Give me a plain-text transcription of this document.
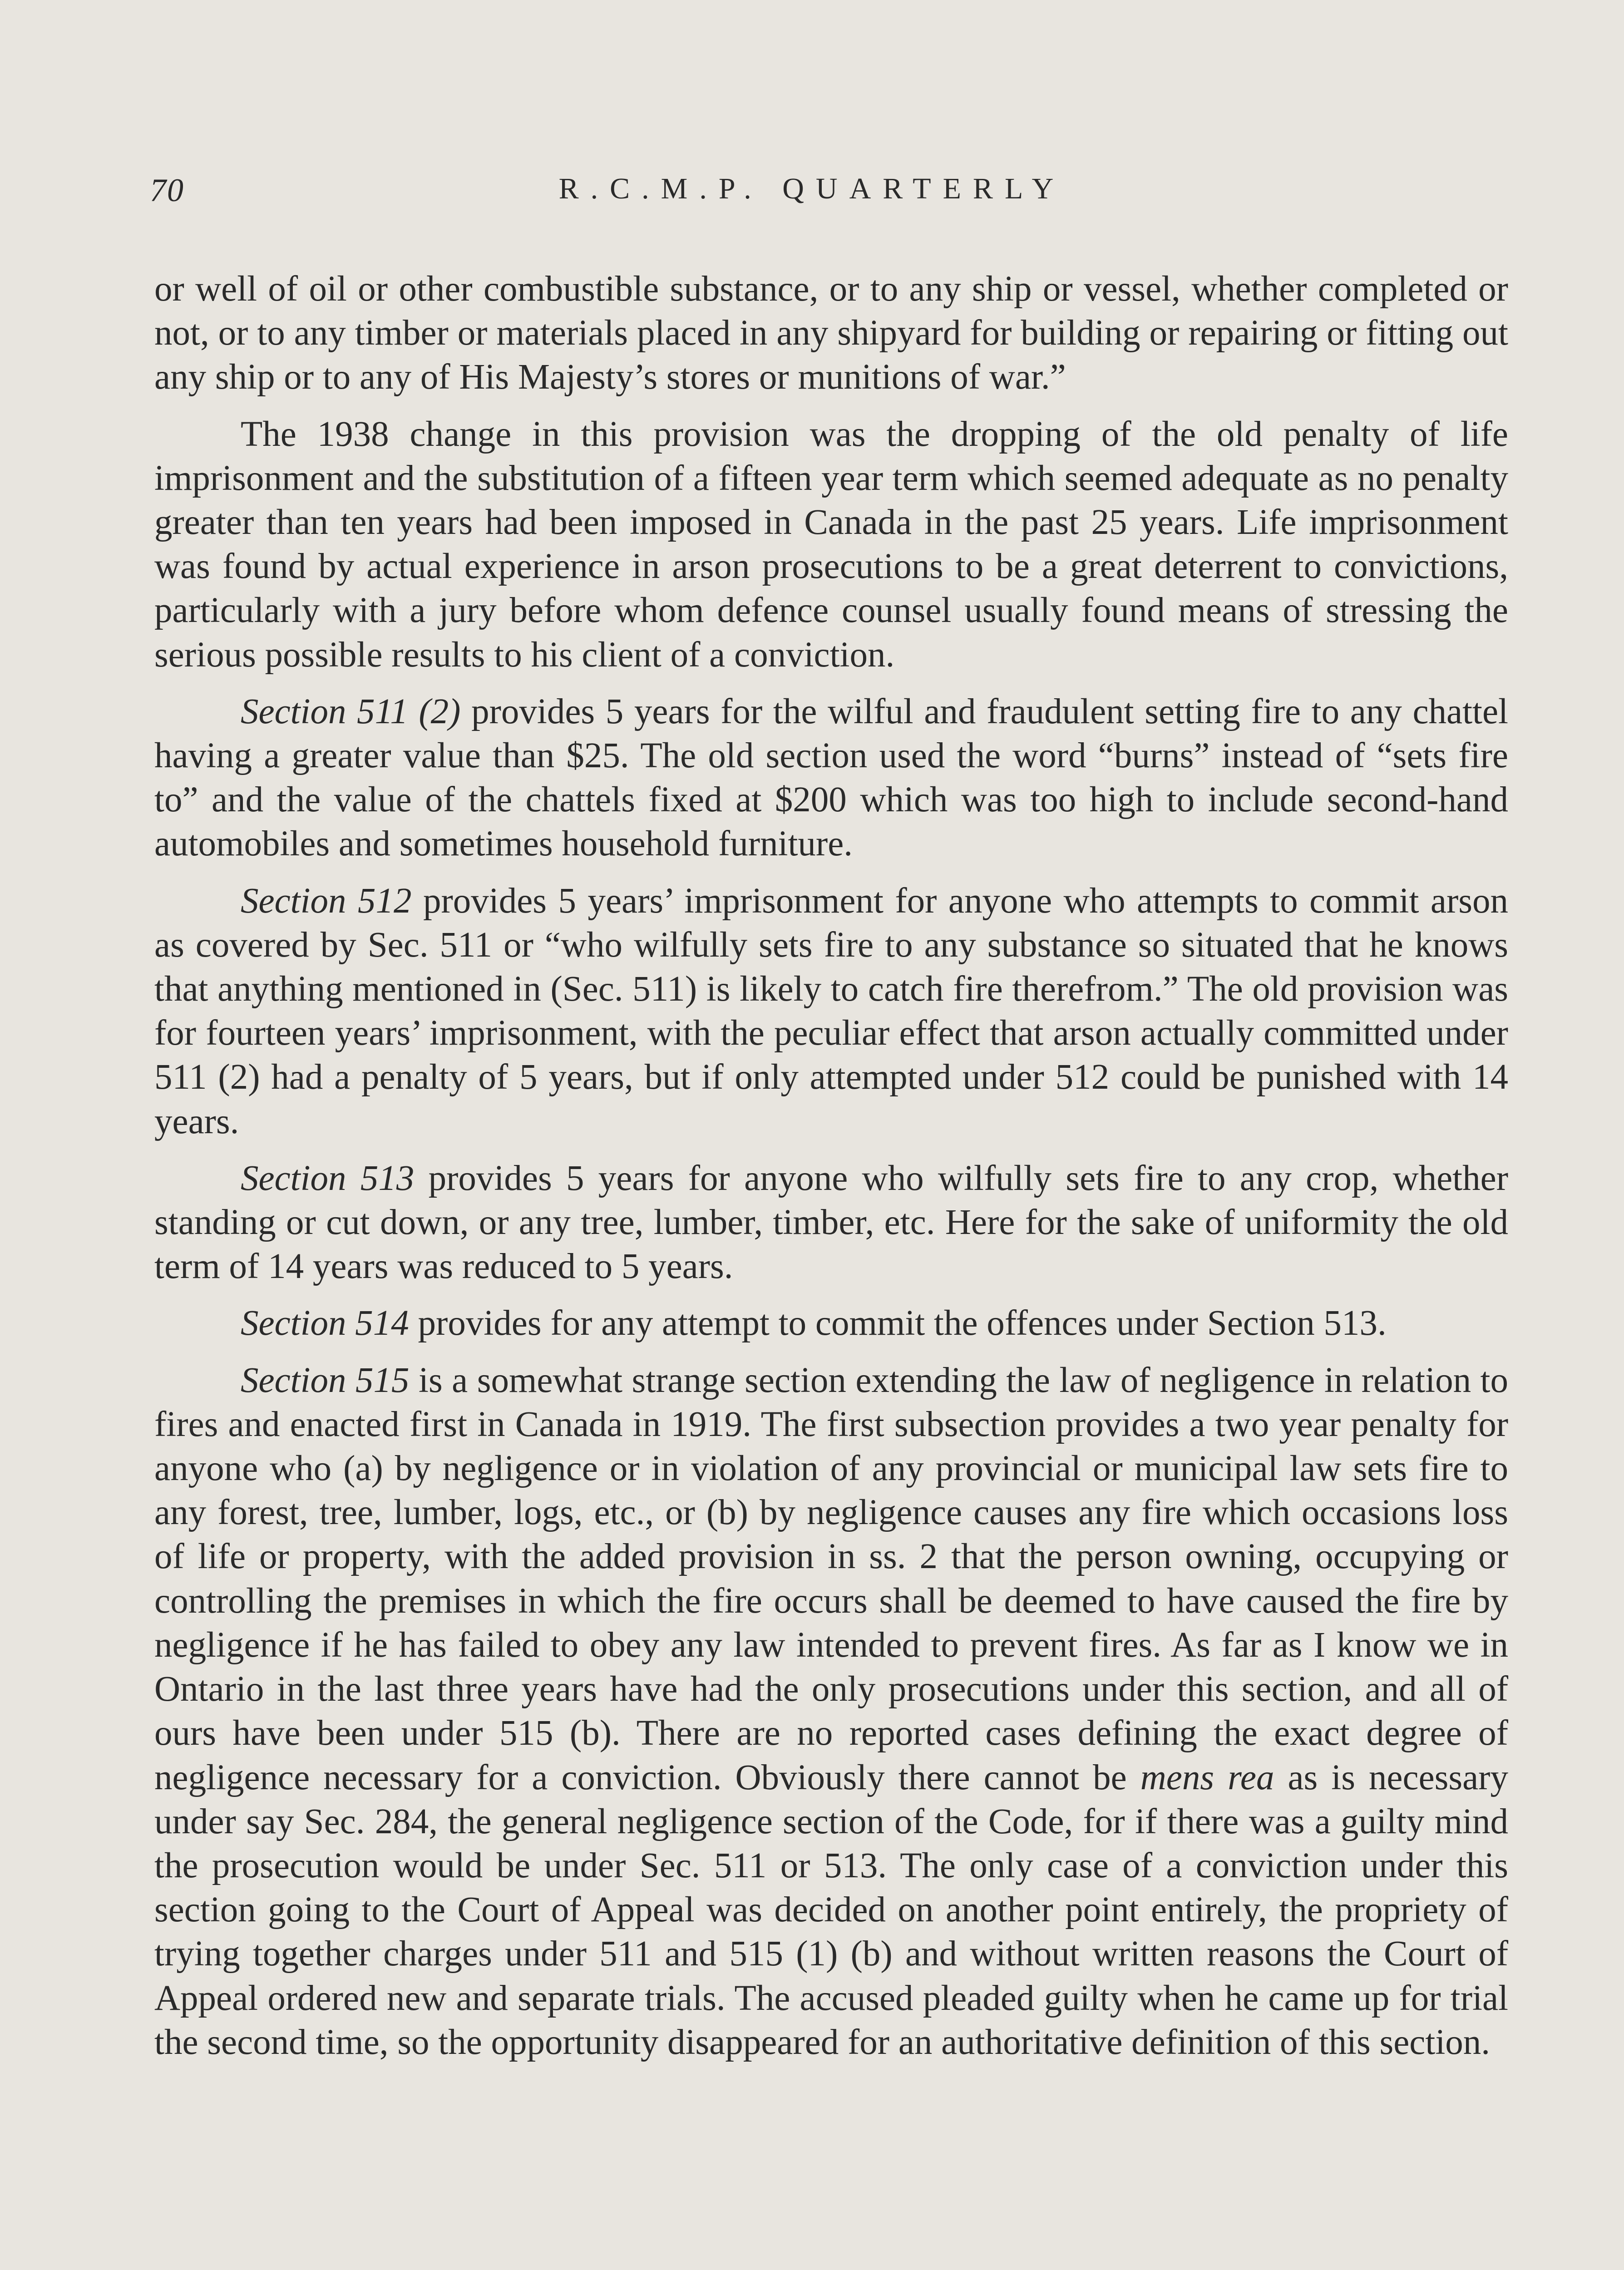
70	R.C.M.P. QUARTERLY

or well of oil or other combustible substance, or to any ship or vessel, whether completed or not, or to any timber or materials placed in any shipyard for building or repairing or fitting out any ship or to any of His Majesty’s stores or munitions of war.”

The 1938 change in this provision was the dropping of the old penalty of life imprisonment and the substitution of a fifteen year term which seemed adequate as no penalty greater than ten years had been imposed in Canada in the past 25 years. Life imprisonment was found by actual experience in arson prosecutions to be a great deterrent to convictions, particularly with a jury before whom defence counsel usually found means of stressing the serious possible results to his client of a conviction.

Section 511 (2) provides 5 years for the wilful and fraudulent setting fire to any chattel having a greater value than $25. The old section used the word “burns” instead of “sets fire to” and the value of the chattels fixed at $200 which was too high to include second-hand automobiles and sometimes household furniture.

Section 512 provides 5 years’ imprisonment for anyone who attempts to commit arson as covered by Sec. 511 or “who wilfully sets fire to any substance so situated that he knows that anything mentioned in (Sec. 511) is likely to catch fire therefrom.” The old provision was for fourteen years’ imprisonment, with the peculiar effect that arson actually committed under 511 (2) had a penalty of 5 years, but if only attempted under 512 could be punished with 14 years.

Section 513 provides 5 years for anyone who wilfully sets fire to any crop, whether standing or cut down, or any tree, lumber, timber, etc. Here for the sake of uniformity the old term of 14 years was reduced to 5 years.

Section 514 provides for any attempt to commit the offences under Section 513.

Section 515 is a somewhat strange section extending the law of negligence in relation to fires and enacted first in Canada in 1919. The first subsection provides a two year penalty for anyone who (a) by negligence or in violation of any provincial or municipal law sets fire to any forest, tree, lumber, logs, etc., or (b) by negligence causes any fire which occasions loss of life or property, with the added provision in ss. 2 that the person owning, occupying or controlling the premises in which the fire occurs shall be deemed to have caused the fire by negligence if he has failed to obey any law intended to prevent fires. As far as I know we in Ontario in the last three years have had the only prosecutions under this section, and all of ours have been under 515 (b). There are no reported cases defining the exact degree of negligence necessary for a conviction. Obviously there cannot be mens rea as is necessary under say Sec. 284, the general negligence section of the Code, for if there was a guilty mind the prosecution would be under Sec. 511 or 513. The only case of a conviction under this section going to the Court of Appeal was decided on another point entirely, the propriety of trying together charges under 511 and 515 (1) (b) and without written reasons the Court of Appeal ordered new and separate trials. The accused pleaded guilty when he came up for trial the second time, so the opportunity disappeared for an authoritative definition of this section.
